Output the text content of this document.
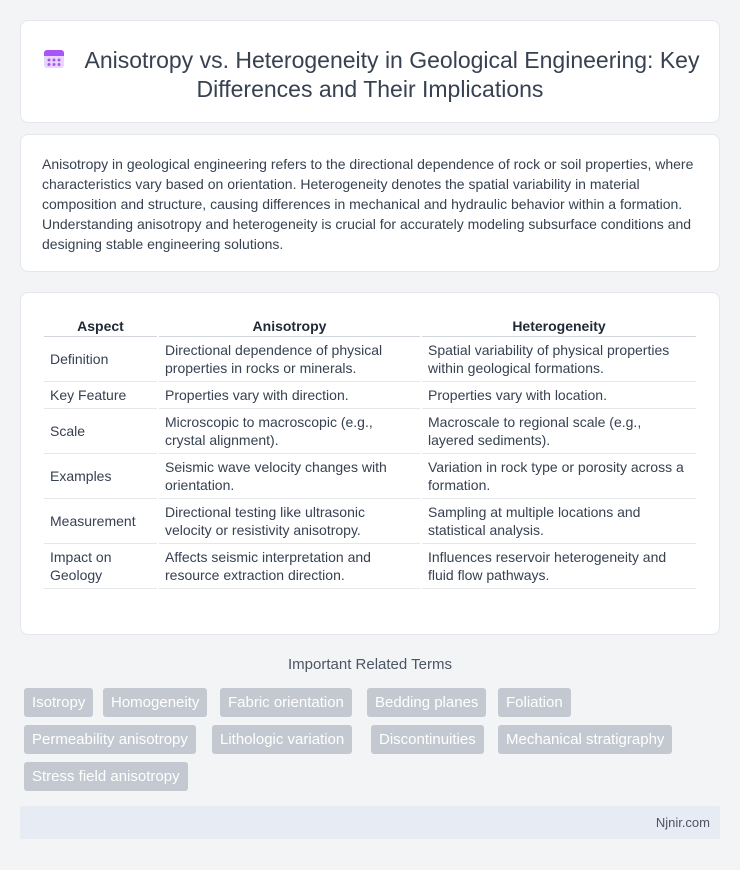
Anisotropy vs. Heterogeneity in Geological Engineering: Key Differences and Their Implications

Anisotropy in geological engineering refers to the directional dependence of rock or soil properties, where characteristics vary based on orientation. Heterogeneity denotes the spatial variability in material composition and structure, causing differences in mechanical and hydraulic behavior within a formation. Understanding anisotropy and heterogeneity is crucial for accurately modeling subsurface conditions and designing stable engineering solutions.

Aspect	Anisotropy	Heterogeneity
Definition	Directional dependence of physical properties in rocks or minerals.	Spatial variability of physical properties within geological formations.
Key Feature	Properties vary with direction.	Properties vary with location.
Scale	Microscopic to macroscopic (e.g., crystal alignment).	Macroscale to regional scale (e.g., layered sediments).
Examples	Seismic wave velocity changes with orientation.	Variation in rock type or porosity across a formation.
Measurement	Directional testing like ultrasonic velocity or resistivity anisotropy.	Sampling at multiple locations and statistical analysis.
Impact on Geology	Affects seismic interpretation and resource extraction direction.	Influences reservoir heterogeneity and fluid flow pathways.
Important Related Terms
Isotropy	Homogeneity	Fabric orientation	Bedding planes	Foliation
Permeability anisotropy	Lithologic variation	Discontinuities	Mechanical stratigraphy
Stress field anisotropy
Njnir.com
